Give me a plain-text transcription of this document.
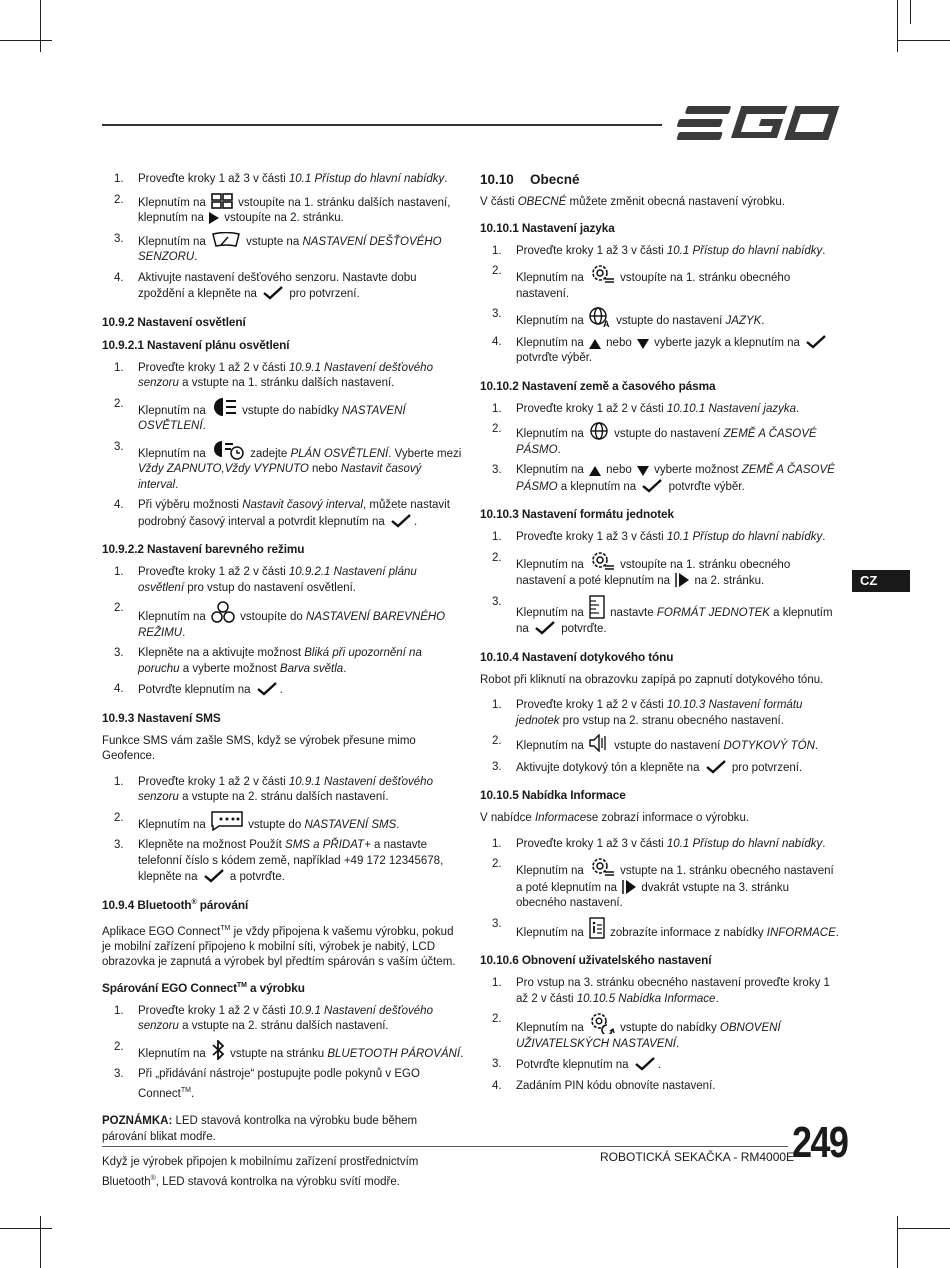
1. Proveďte kroky 1 až 3 v části 10.1 Přístup do hlavní nabídky.
2. Klepnutím na  vstoupíte na 1. stránku dalších nastavení, klepnutím na  vstoupíte na 2. stránku.
3. Klepnutím na	vstupte na NASTAVENÍ DEŠŤOVÉHO SENZORU.
4. Aktivujte nastavení dešťového senzoru. Nastavte dobu zpoždění a klepněte na  pro potvrzení.
10.9.2 Nastavení osvětlení
10.9.2.1 Nastavení plánu osvětlení
1. Proveďte kroky 1 až 2 v části 10.9.1 Nastavení dešťového senzoru a vstupte na 1. stránku dalších nastavení.
2.
Klepnutím na	vstupte do nabídky NASTAVENÍ OSVĚTLENÍ.
3.
Klepnutím na	zadejte PLÁN OSVĚTLENÍ. Vyberte mezi Vždy ZAPNUTO,Vždy VYPNUTO nebo Nastavit časový interval.
4. Při výběru možnosti Nastavit časový interval, můžete nastavit podrobný časový interval a potvrdit klepnutím na .
10.9.2.2 Nastavení barevného režimu
1. Proveďte kroky 1 až 2 v části 10.9.2.1 Nastavení plánu osvětlení pro vstup do nastavení osvětlení.
2.
Klepnutím na  vstoupíte do NASTAVENÍ BAREVNÉHO REŽIMU.
3. Klepněte na a aktivujte možnost Bliká při upozornění na poruchu a vyberte možnost Barva světla.
4. Potvrďte klepnutím na .
10.9.3 Nastavení SMS

Funkce SMS vám zašle SMS, když se výrobek přesune mimo Geofence.

1. Proveďte kroky 1 až 2 v části 10.9.1 Nastavení dešťového senzoru a vstupte na 2. stránu dalších nastavení.
2.
Klepnutím na	vstupte do NASTAVENÍ SMS.
3. Klepněte na možnost Použít SMS a PŘIDAT+ a nastavte telefonní číslo s kódem země, například +49 172 12345678, klepněte na  a potvrďte.
10.9.4 Bluetooth® párování

Aplikace EGO Connect™ je vždy připojena k vašemu výrobku, pokud je mobilní zařízení připojeno k mobilní síti, výrobek je nabitý, LCD obrazovka je zapnutá a výrobek byl předtím spárován s vaším účtem.

Spárování EGO Connect™ a výrobku
1. Proveďte kroky 1 až 2 v části 10.9.1 Nastavení dešťového senzoru a vstupte na 2. stránu dalších nastavení.
2.
Klepnutím na  vstupte na stránku BLUETOOTH PÁROVÁNÍ.
3. Při „přidávání nástroje“ postupujte podle pokynů v EGO Connect™.

POZNÁMKA: LED stavová kontrolka na výrobku bude během párování blikat modře.

Když je výrobek připojen k mobilnímu zařízení prostřednictvím Bluetooth®, LED stavová kontrolka na výrobku svítí modře.

10.10 Obecné

V části OBECNÉ můžete změnit obecná nastavení výrobku.

10.10.1 Nastavení jazyka
1. Proveďte kroky 1 až 3 v části 10.1 Přístup do hlavní nabídky.
2.
Klepnutím na	vstoupíte na 1. stránku obecného nastavení.
3.
Klepnutím na A vstupte do nastavení JAZYK.
4. Klepnutím na  nebo  vyberte jazyk a klepnutím na  potvrďte výběr.
10.10.2 Nastavení země a časového pásma
1. Proveďte kroky 1 až 2 v části 10.10.1 Nastavení jazyka.
2. Klepnutím na  vstupte do nastavení ZEMĚ A ČASOVÉ PÁSMO.
3. Klepnutím na  nebo  vyberte možnost ZEMĚ A ČASOVÉ PÁSMO a klepnutím na  potvrďte výběr.
10.10.3 Nastavení formátu jednotek
1. Proveďte kroky 1 až 3 v části 10.1 Přístup do hlavní nabídky.
2.
Klepnutím na	vstoupíte na 1. stránku obecného nastavení a poté klepnutím na  na 2. stránku.
3.
Klepnutím na  nastavte FORMÁT JEDNOTEK a klepnutím na  potvrďte.
10.10.4 Nastavení dotykového tónu

Robot při kliknutí na obrazovku zapípá po zapnutí dotykového tónu.

1. Proveďte kroky 1 až 2 v části 10.10.3 Nastavení formátu jednotek pro vstup na 2. stranu obecného nastavení.
2. Klepnutím na  vstupte do nastavení DOTYKOVÝ TÓN.
3. Aktivujte dotykový tón a klepněte na  pro potvrzení.
10.10.5 Nabídka Informace

V nabídce Informacese zobrazí informace o výrobku.

1. Proveďte kroky 1 až 3 v části 10.1 Přístup do hlavní nabídky.
2.
Klepnutím na	vstupte na 1. stránku obecného nastavení a poté klepnutím na  dvakrát vstupte na 3. stránku obecného nastavení.
3.
Klepnutím na  zobrazíte informace z nabídky INFORMACE.
10.10.6 Obnovení uživatelského nastavení
1. Pro vstup na 3. stránku obecného nastavení proveďte kroky 1 až 2 v části 10.10.5 Nabídka Informace.
2.
Klepnutím na	vstupte do nabídky OBNOVENÍ UŽIVATELSKÝCH NASTAVENÍ.
3. Potvrďte klepnutím na .
4. Zadáním PIN kódu obnovíte nastavení.
CZ
ROBOTICKÁ SEKAČKA - RM4000E
249
